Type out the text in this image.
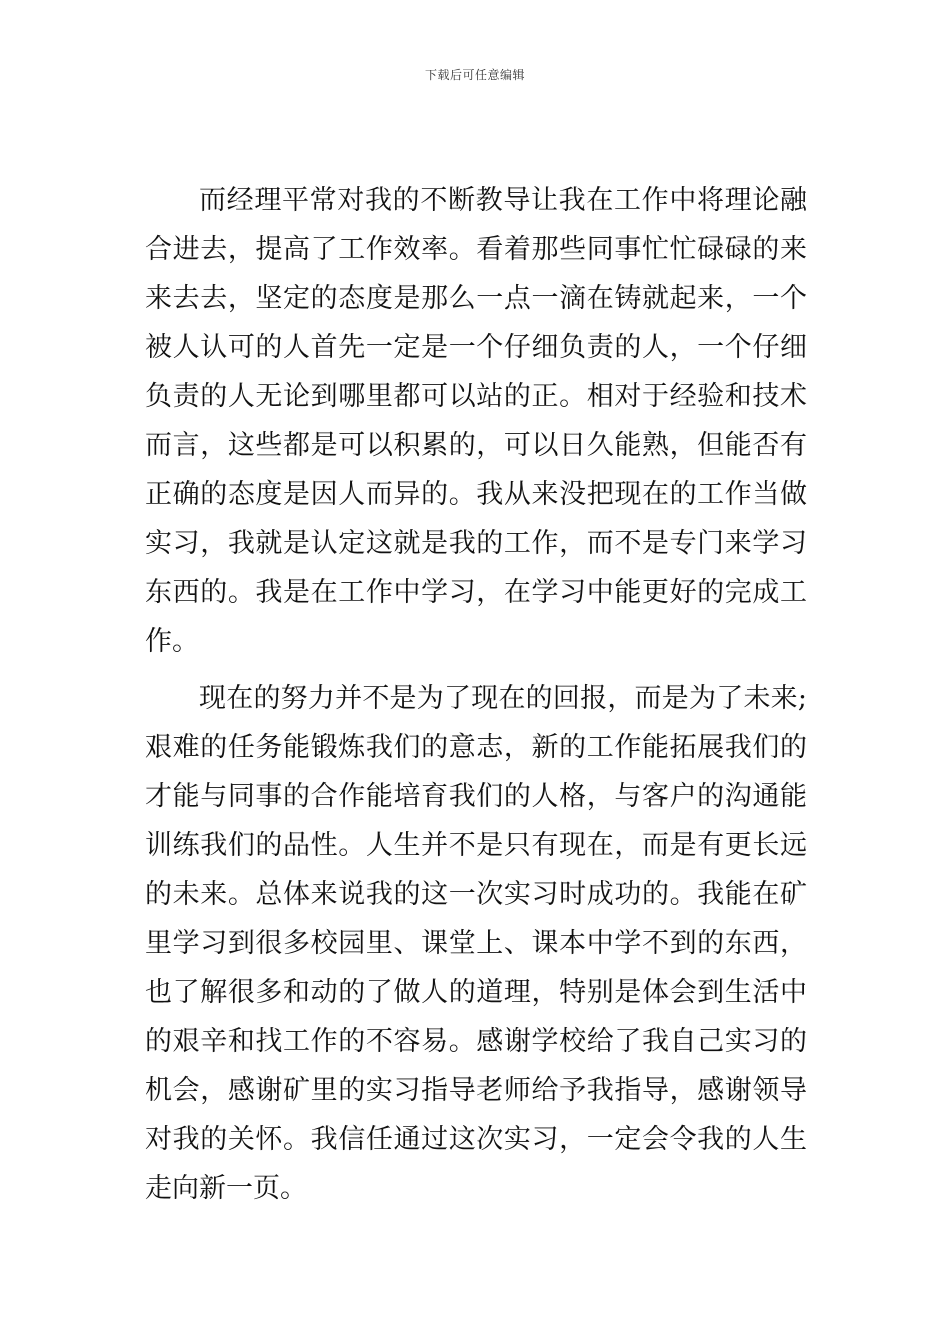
下载后可任意编辑

而经理平常对我的不断教导让我在工作中将理论融合进去，提高了工作效率。看着那些同事忙忙碌碌的来来去去，坚定的态度是那么一点一滴在铸就起来，一个被人认可的人首先一定是一个仔细负责的人，一个仔细负责的人无论到哪里都可以站的正。相对于经验和技术而言，这些都是可以积累的，可以日久能熟，但能否有正确的态度是因人而异的。我从来没把现在的工作当做实习，我就是认定这就是我的工作，而不是专门来学习东西的。我是在工作中学习，在学习中能更好的完成工作。

现在的努力并不是为了现在的回报，而是为了未来;艰难的任务能锻炼我们的意志，新的工作能拓展我们的才能与同事的合作能培育我们的人格，与客户的沟通能训练我们的品性。人生并不是只有现在，而是有更长远的未来。总体来说我的这一次实习时成功的。我能在矿里学习到很多校园里、课堂上、课本中学不到的东西，也了解很多和动的了做人的道理，特别是体会到生活中的艰辛和找工作的不容易。感谢学校给了我自己实习的机会，感谢矿里的实习指导老师给予我指导，感谢领导对我的关怀。我信任通过这次实习，一定会令我的人生走向新一页。
